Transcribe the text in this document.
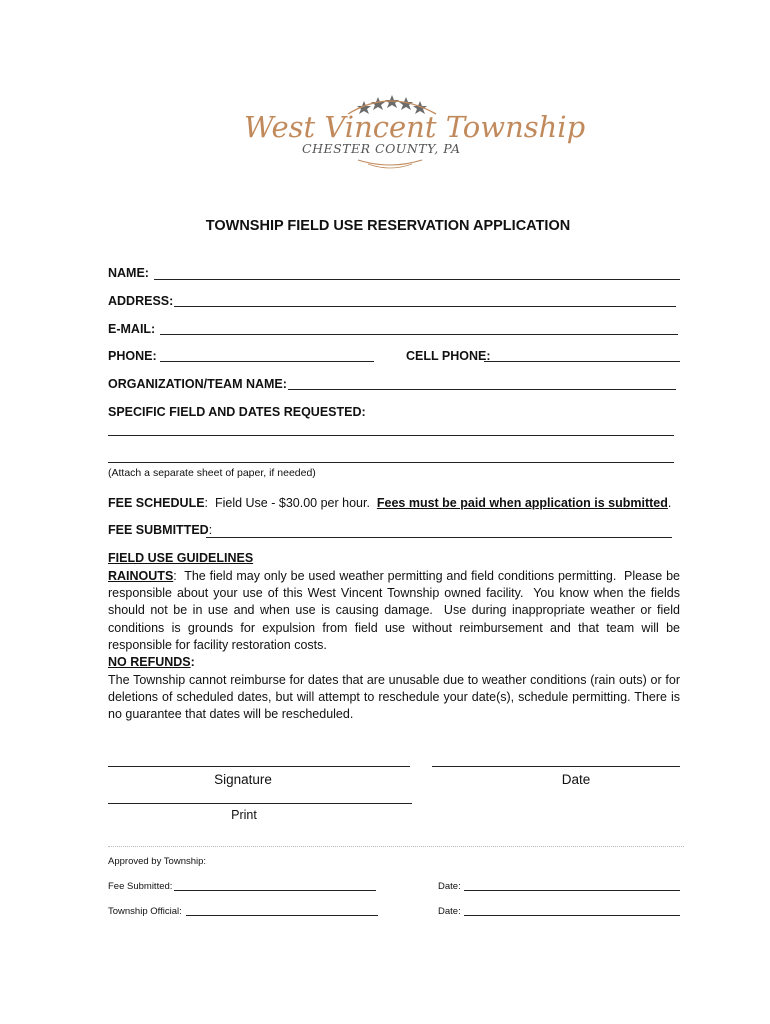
West Vincent Township
CHESTER COUNTY, PA
TOWNSHIP FIELD USE RESERVATION APPLICATION
NAME:
ADDRESS:
E-MAIL:
PHONE:	CELL PHONE:
ORGANIZATION/TEAM NAME:
SPECIFIC FIELD AND DATES REQUESTED:
(Attach a separate sheet of paper, if needed)
FEE SCHEDULE:  Field Use - $30.00 per hour.  Fees must be paid when application is submitted.
FEE SUBMITTED:
FIELD USE GUIDELINES
RAINOUTS:  The field may only be used weather permitting and field conditions permitting.  Please be responsible about your use of this West Vincent Township owned facility.  You know when the fields should not be in use and when use is causing damage.  Use during inappropriate weather or field conditions is grounds for expulsion from field use without reimbursement and that team will be responsible for facility restoration costs.
NO REFUNDS:
The Township cannot reimburse for dates that are unusable due to weather conditions (rain outs) or for deletions of scheduled dates, but will attempt to reschedule your date(s), schedule permitting. There is no guarantee that dates will be rescheduled.
Signature	Date
Print
Approved by Township:
Fee Submitted:	Date:
Township Official:	Date:
